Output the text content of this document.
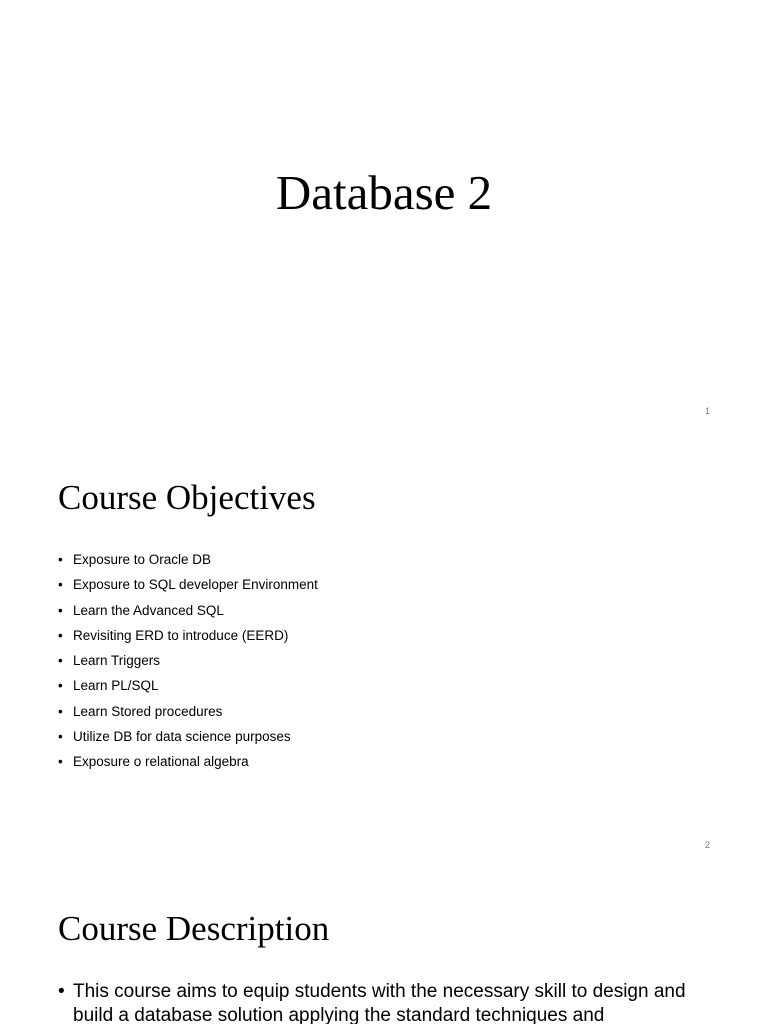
Database 2
1
Course Objectives
• Exposure to Oracle DB
• Exposure to SQL developer Environment
• Learn the Advanced SQL
• Revisiting ERD to introduce (EERD)
• Learn Triggers
• Learn PL/SQL
• Learn Stored procedures
• Utilize DB for data science purposes
• Exposure o relational algebra
2
Course Description
• This course aims to equip students with the necessary skill to design and build a database solution applying the standard techniques and
